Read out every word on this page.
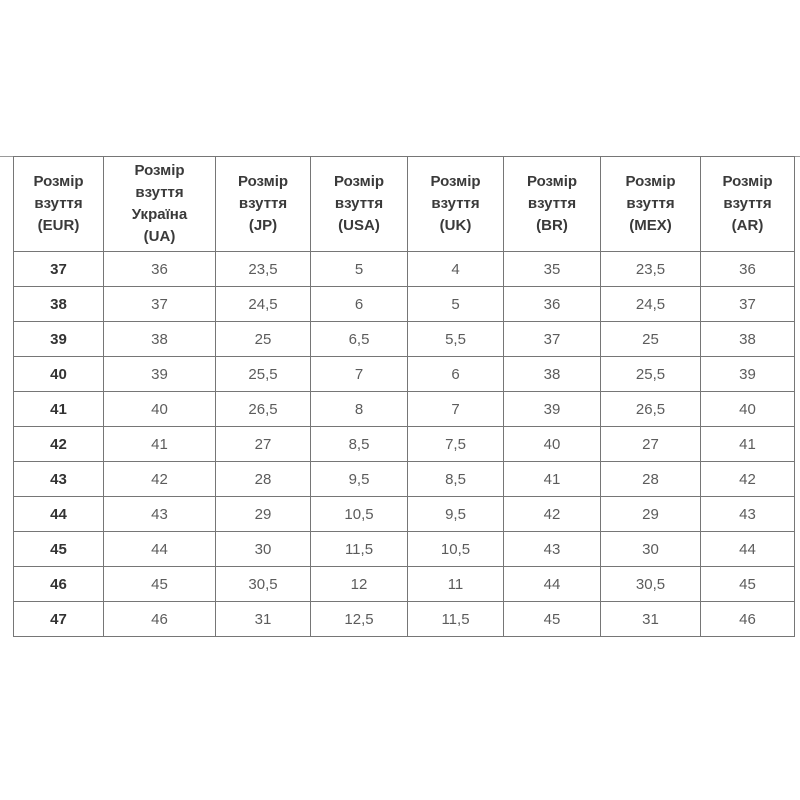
Розмір
взуття
(EUR)	Розмір
взуття
Україна
(UA)	Розмір
взуття
(JP)	Розмір
взуття
(USA)	Розмір
взуття
(UK)	Розмір
взуття
(BR)	Розмір
взуття
(MEX)	Розмір
взуття
(AR)
37	36	23,5	5	4	35	23,5	36
38	37	24,5	6	5	36	24,5	37
39	38	25	6,5	5,5	37	25	38
40	39	25,5	7	6	38	25,5	39
41	40	26,5	8	7	39	26,5	40
42	41	27	8,5	7,5	40	27	41
43	42	28	9,5	8,5	41	28	42
44	43	29	10,5	9,5	42	29	43
45	44	30	11,5	10,5	43	30	44
46	45	30,5	12	11	44	30,5	45
47	46	31	12,5	11,5	45	31	46
